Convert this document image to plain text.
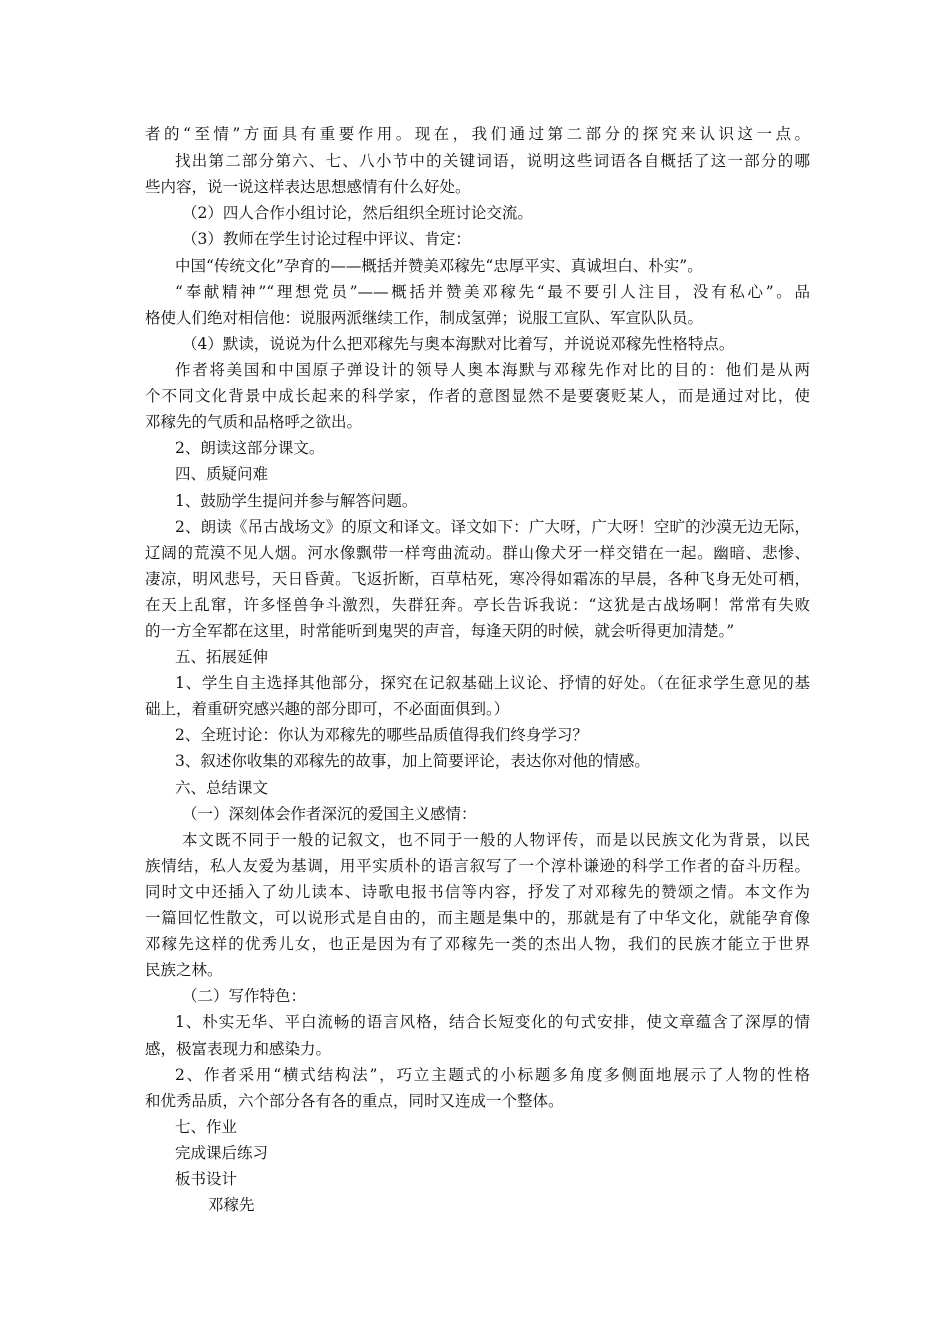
者的“至情”方面具有重要作用。现在，我们通过第二部分的探究来认识这一点。
找出第二部分第六、七、八小节中的关键词语，说明这些词语各自概括了这一部分的哪
些内容，说一说这样表达思想感情有什么好处。
（2）四人合作小组讨论，然后组织全班讨论交流。
（3）教师在学生讨论过程中评议、肯定：
中国“传统文化”孕育的——概括并赞美邓稼先“忠厚平实、真诚坦白、朴实”。
“奉献精神”“理想党员”——概括并赞美邓稼先“最不要引人注目，没有私心”。品
格使人们绝对相信他：说服两派继续工作，制成氢弹；说服工宣队、军宣队队员。
（4）默读，说说为什么把邓稼先与奥本海默对比着写，并说说邓稼先性格特点。
作者将美国和中国原子弹设计的领导人奥本海默与邓稼先作对比的目的：他们是从两
个不同文化背景中成长起来的科学家，作者的意图显然不是要褒贬某人，而是通过对比，使
邓稼先的气质和品格呼之欲出。
2、朗读这部分课文。
四、质疑问难
1、鼓励学生提问并参与解答问题。
2、朗读《吊古战场文》的原文和译文。译文如下：广大呀，广大呀！空旷的沙漠无边无际，
辽阔的荒漠不见人烟。河水像飘带一样弯曲流动。群山像犬牙一样交错在一起。幽暗、悲惨、
凄凉，明风悲号，天日昏黄。飞返折断，百草枯死，寒冷得如霜冻的早晨，各种飞身无处可栖，
在天上乱窜，许多怪兽争斗激烈，失群狂奔。亭长告诉我说：“这犹是古战场啊！常常有失败
的一方全军都在这里，时常能听到鬼哭的声音，每逢天阴的时候，就会听得更加清楚。”
五、拓展延伸
1、学生自主选择其他部分，探究在记叙基础上议论、抒情的好处。（在征求学生意见的基
础上，着重研究感兴趣的部分即可，不必面面俱到。）
2、全班讨论：你认为邓稼先的哪些品质值得我们终身学习？
3、叙述你收集的邓稼先的故事，加上简要评论，表达你对他的情感。
六、总结课文
（一）深刻体会作者深沉的爱国主义感情：
本文既不同于一般的记叙文，也不同于一般的人物评传，而是以民族文化为背景，以民
族情结，私人友爱为基调，用平实质朴的语言叙写了一个淳朴谦逊的科学工作者的奋斗历程。
同时文中还插入了幼儿读本、诗歌电报书信等内容，抒发了对邓稼先的赞颂之情。本文作为
一篇回忆性散文，可以说形式是自由的，而主题是集中的，那就是有了中华文化，就能孕育像
邓稼先这样的优秀儿女，也正是因为有了邓稼先一类的杰出人物，我们的民族才能立于世界
民族之林。
（二）写作特色：
1、朴实无华、平白流畅的语言风格，结合长短变化的句式安排，使文章蕴含了深厚的情
感，极富表现力和感染力。
2、作者采用“横式结构法”，巧立主题式的小标题多角度多侧面地展示了人物的性格
和优秀品质，六个部分各有各的重点，同时又连成一个整体。
七、作业
完成课后练习
板书设计
邓稼先
